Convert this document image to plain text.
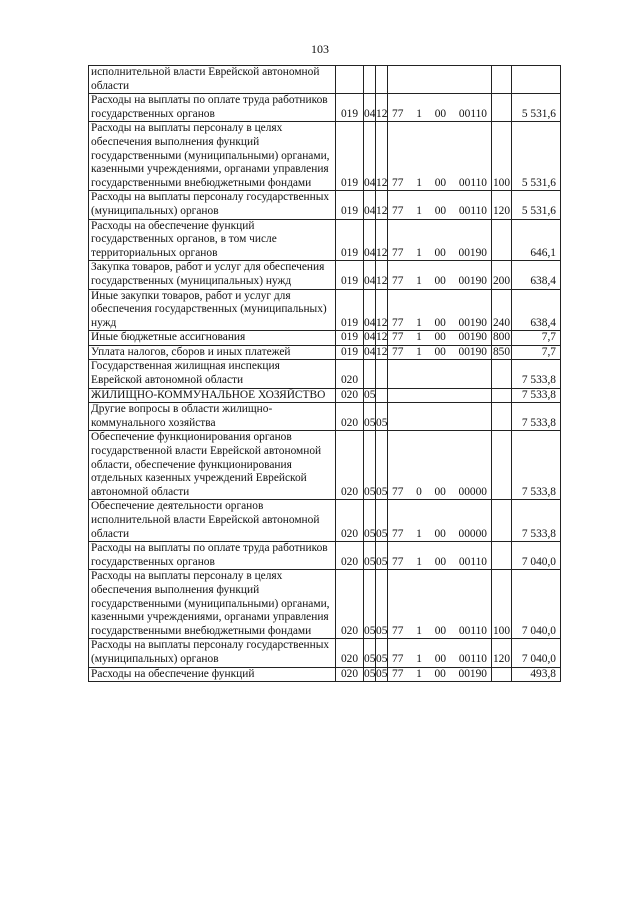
103
исполнительной власти Еврейской автономной области				

Расходы на выплаты по оплате труда работников государственных органов	019	04	12	77 1 00 00110		5 531,6
Расходы на выплаты персоналу в целях обеспечения выполнения функций государственными (муниципальными) органами, казенными учреждениями, органами управления государственными внебюджетными фондами	019	04	12	77 1 00 00110	100	5 531,6
Расходы на выплаты персоналу государственных (муниципальных) органов	019	04	12	77 1 00 00110	120	5 531,6
Расходы на обеспечение функций государственных органов, в том числе территориальных органов	019	04	12	77 1 00 00190		646,1
Закупка товаров, работ и услуг для обеспечения государственных (муниципальных) нужд	019	04	12	77 1 00 00190	200	638,4
Иные закупки товаров, работ и услуг для обеспечения государственных (муниципальных) нужд	019	04	12	77 1 00 00190	240	638,4
Иные бюджетные ассигнования	019	04	12	77 1 00 00190	800	7,7
Уплата налогов, сборов и иных платежей	019	04	12	77 1 00 00190	850	7,7
Государственная жилищная инспекция Еврейской автономной области	020					7 533,8
ЖИЛИЩНО-КОММУНАЛЬНОЕ ХОЗЯЙСТВО	020	05				7 533,8
Другие вопросы в области жилищно-коммунального хозяйства	020	05	05			7 533,8
Обеспечение функционирования органов государственной власти Еврейской автономной области, обеспечение функционирования отдельных казенных учреждений Еврейской автономной области	020	05	05	77 0 00 00000		7 533,8
Обеспечение деятельности органов исполнительной власти Еврейской автономной области	020	05	05	77 1 00 00000		7 533,8
Расходы на выплаты по оплате труда работников государственных органов	020	05	05	77 1 00 00110		7 040,0
Расходы на выплаты персоналу в целях обеспечения выполнения функций государственными (муниципальными) органами, казенными учреждениями, органами управления государственными внебюджетными фондами	020	05	05	77 1 00 00110	100	7 040,0
Расходы на выплаты персоналу государственных (муниципальных) органов	020	05	05	77 1 00 00110	120	7 040,0
Расходы на обеспечение функций	020	05	05	77 1 00 00190		493,8
